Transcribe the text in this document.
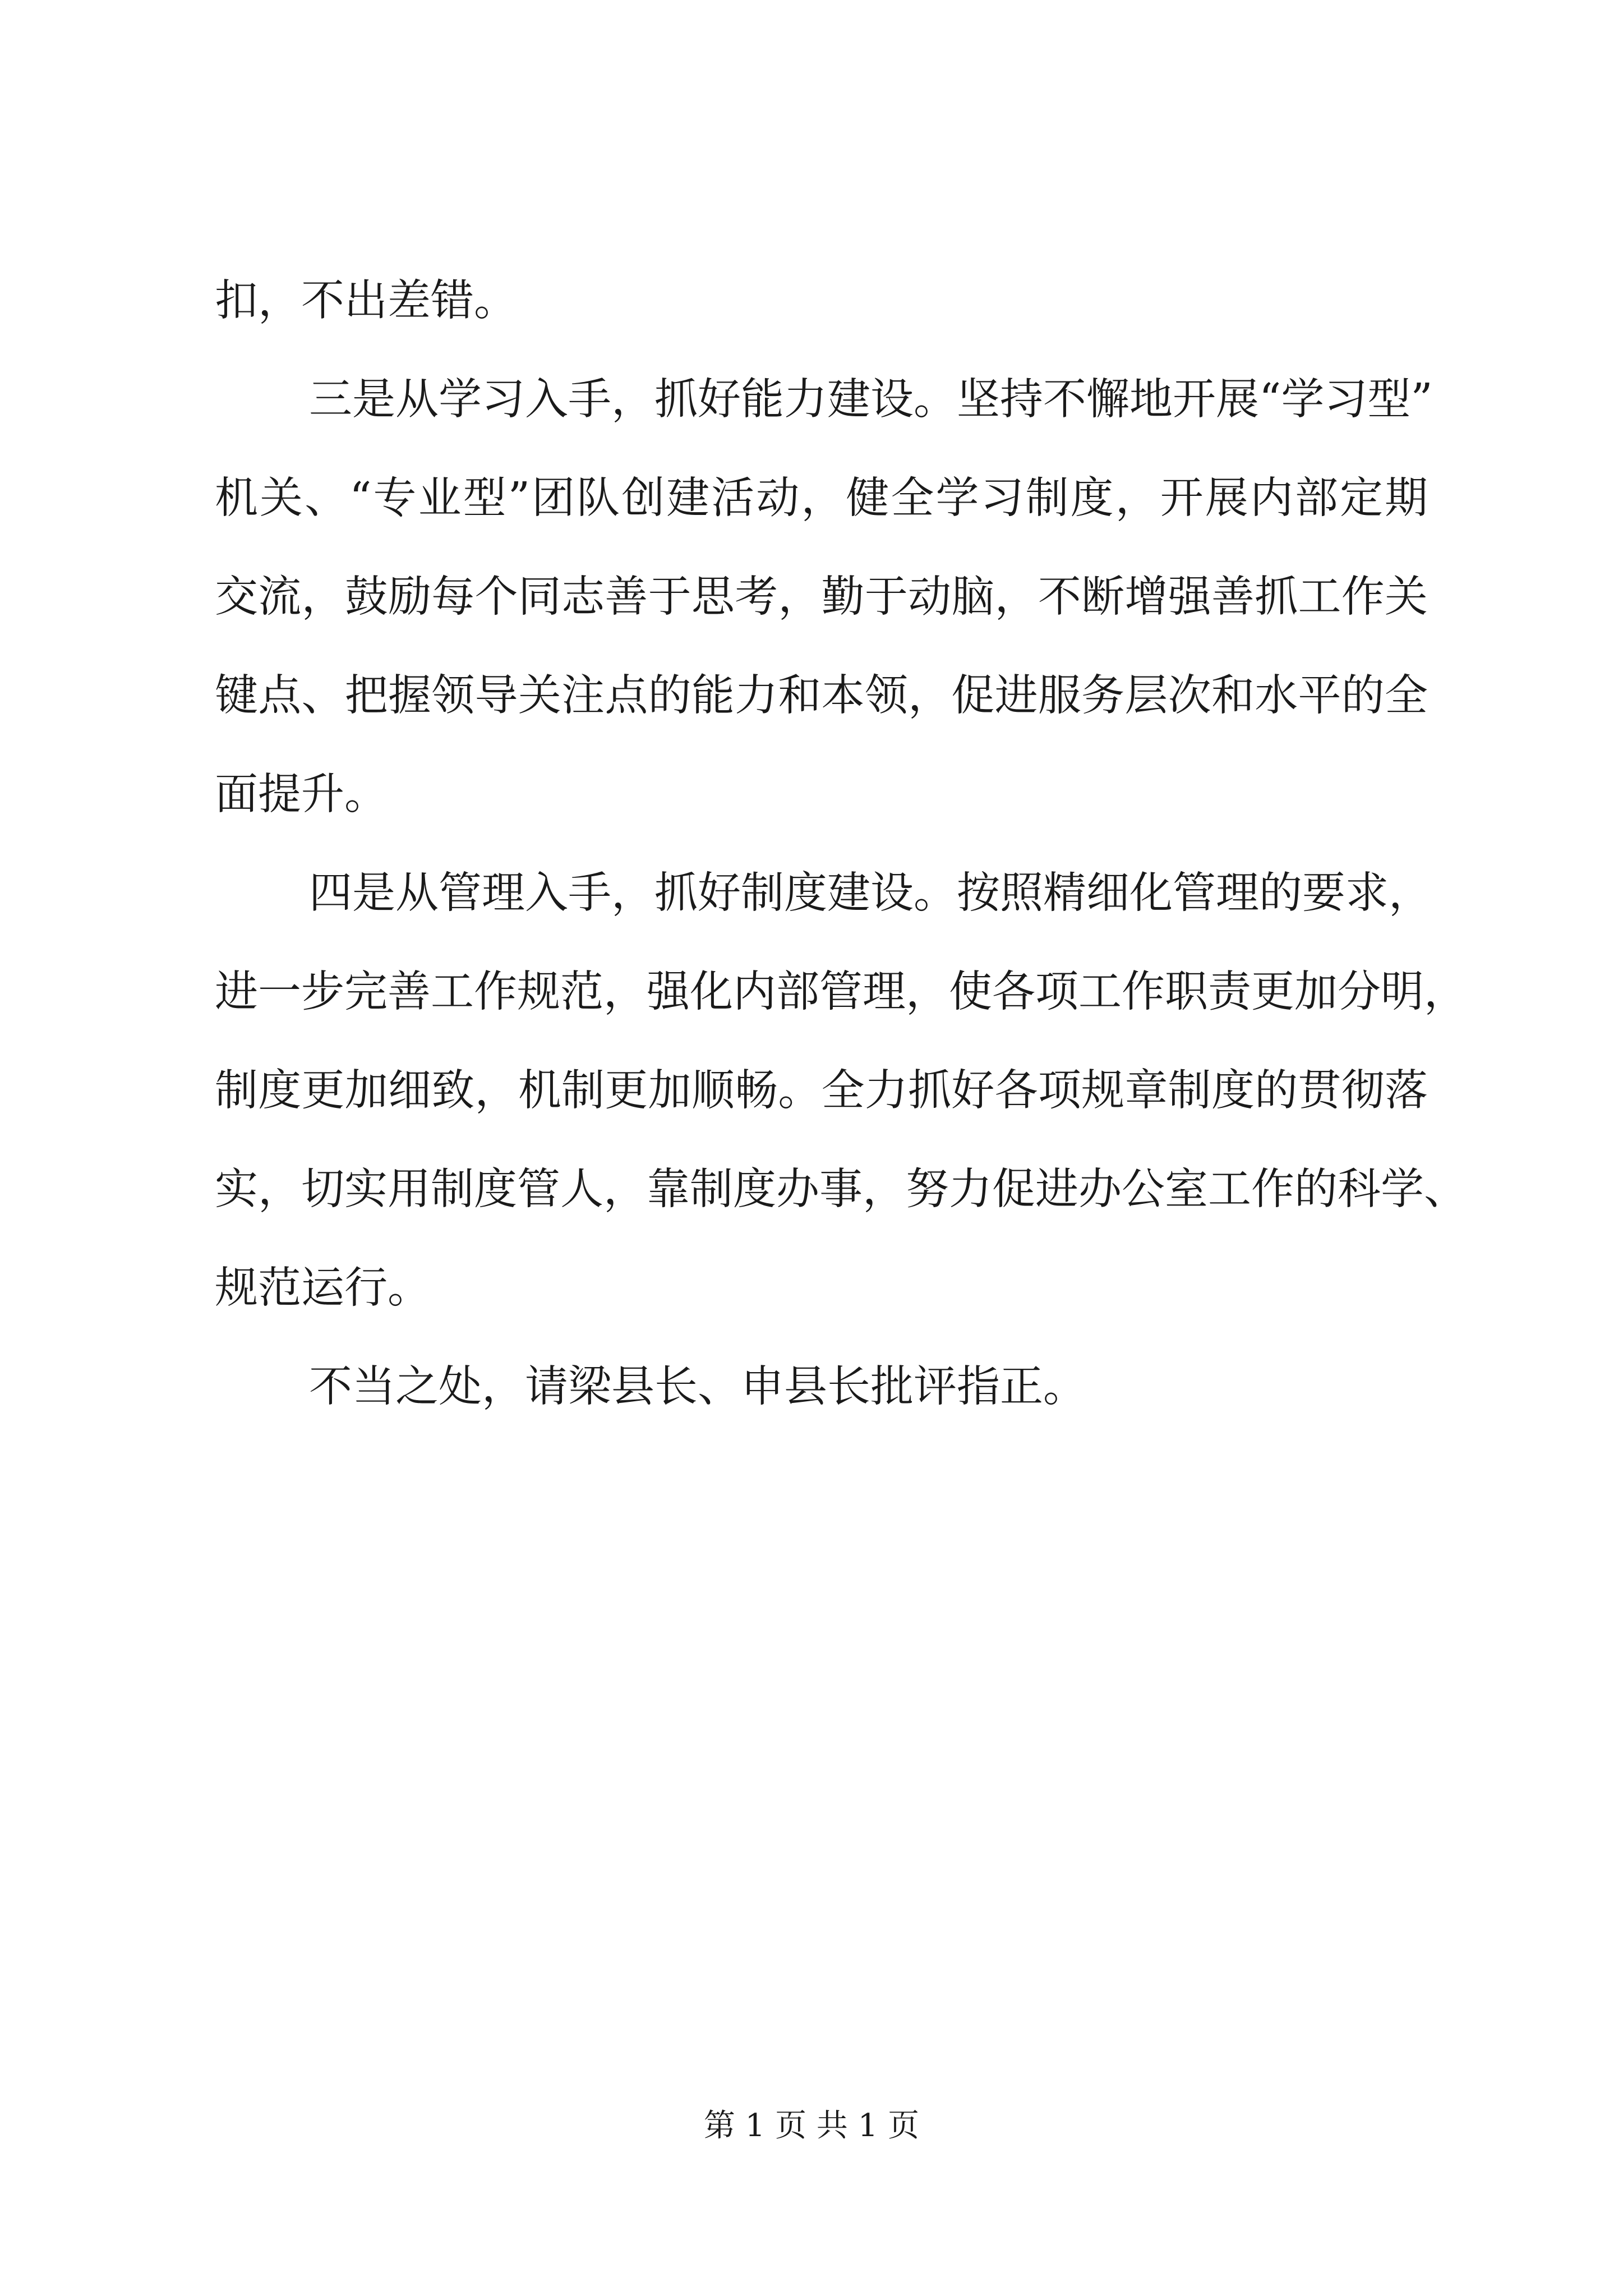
扣，不出差错。
三是从学习入手，抓好能力建设。坚持不懈地开展“学习型”
机关、“专业型”团队创建活动，健全学习制度，开展内部定期
交流，鼓励每个同志善于思考，勤于动脑，不断增强善抓工作关
键点、把握领导关注点的能力和本领，促进服务层次和水平的全
面提升。
四是从管理入手，抓好制度建设。按照精细化管理的要求，
进一步完善工作规范，强化内部管理，使各项工作职责更加分明，
制度更加细致，机制更加顺畅。全力抓好各项规章制度的贯彻落
实，切实用制度管人，靠制度办事，努力促进办公室工作的科学、
规范运行。
不当之处，请梁县长、申县长批评指正。
第 1 页 共 1 页
